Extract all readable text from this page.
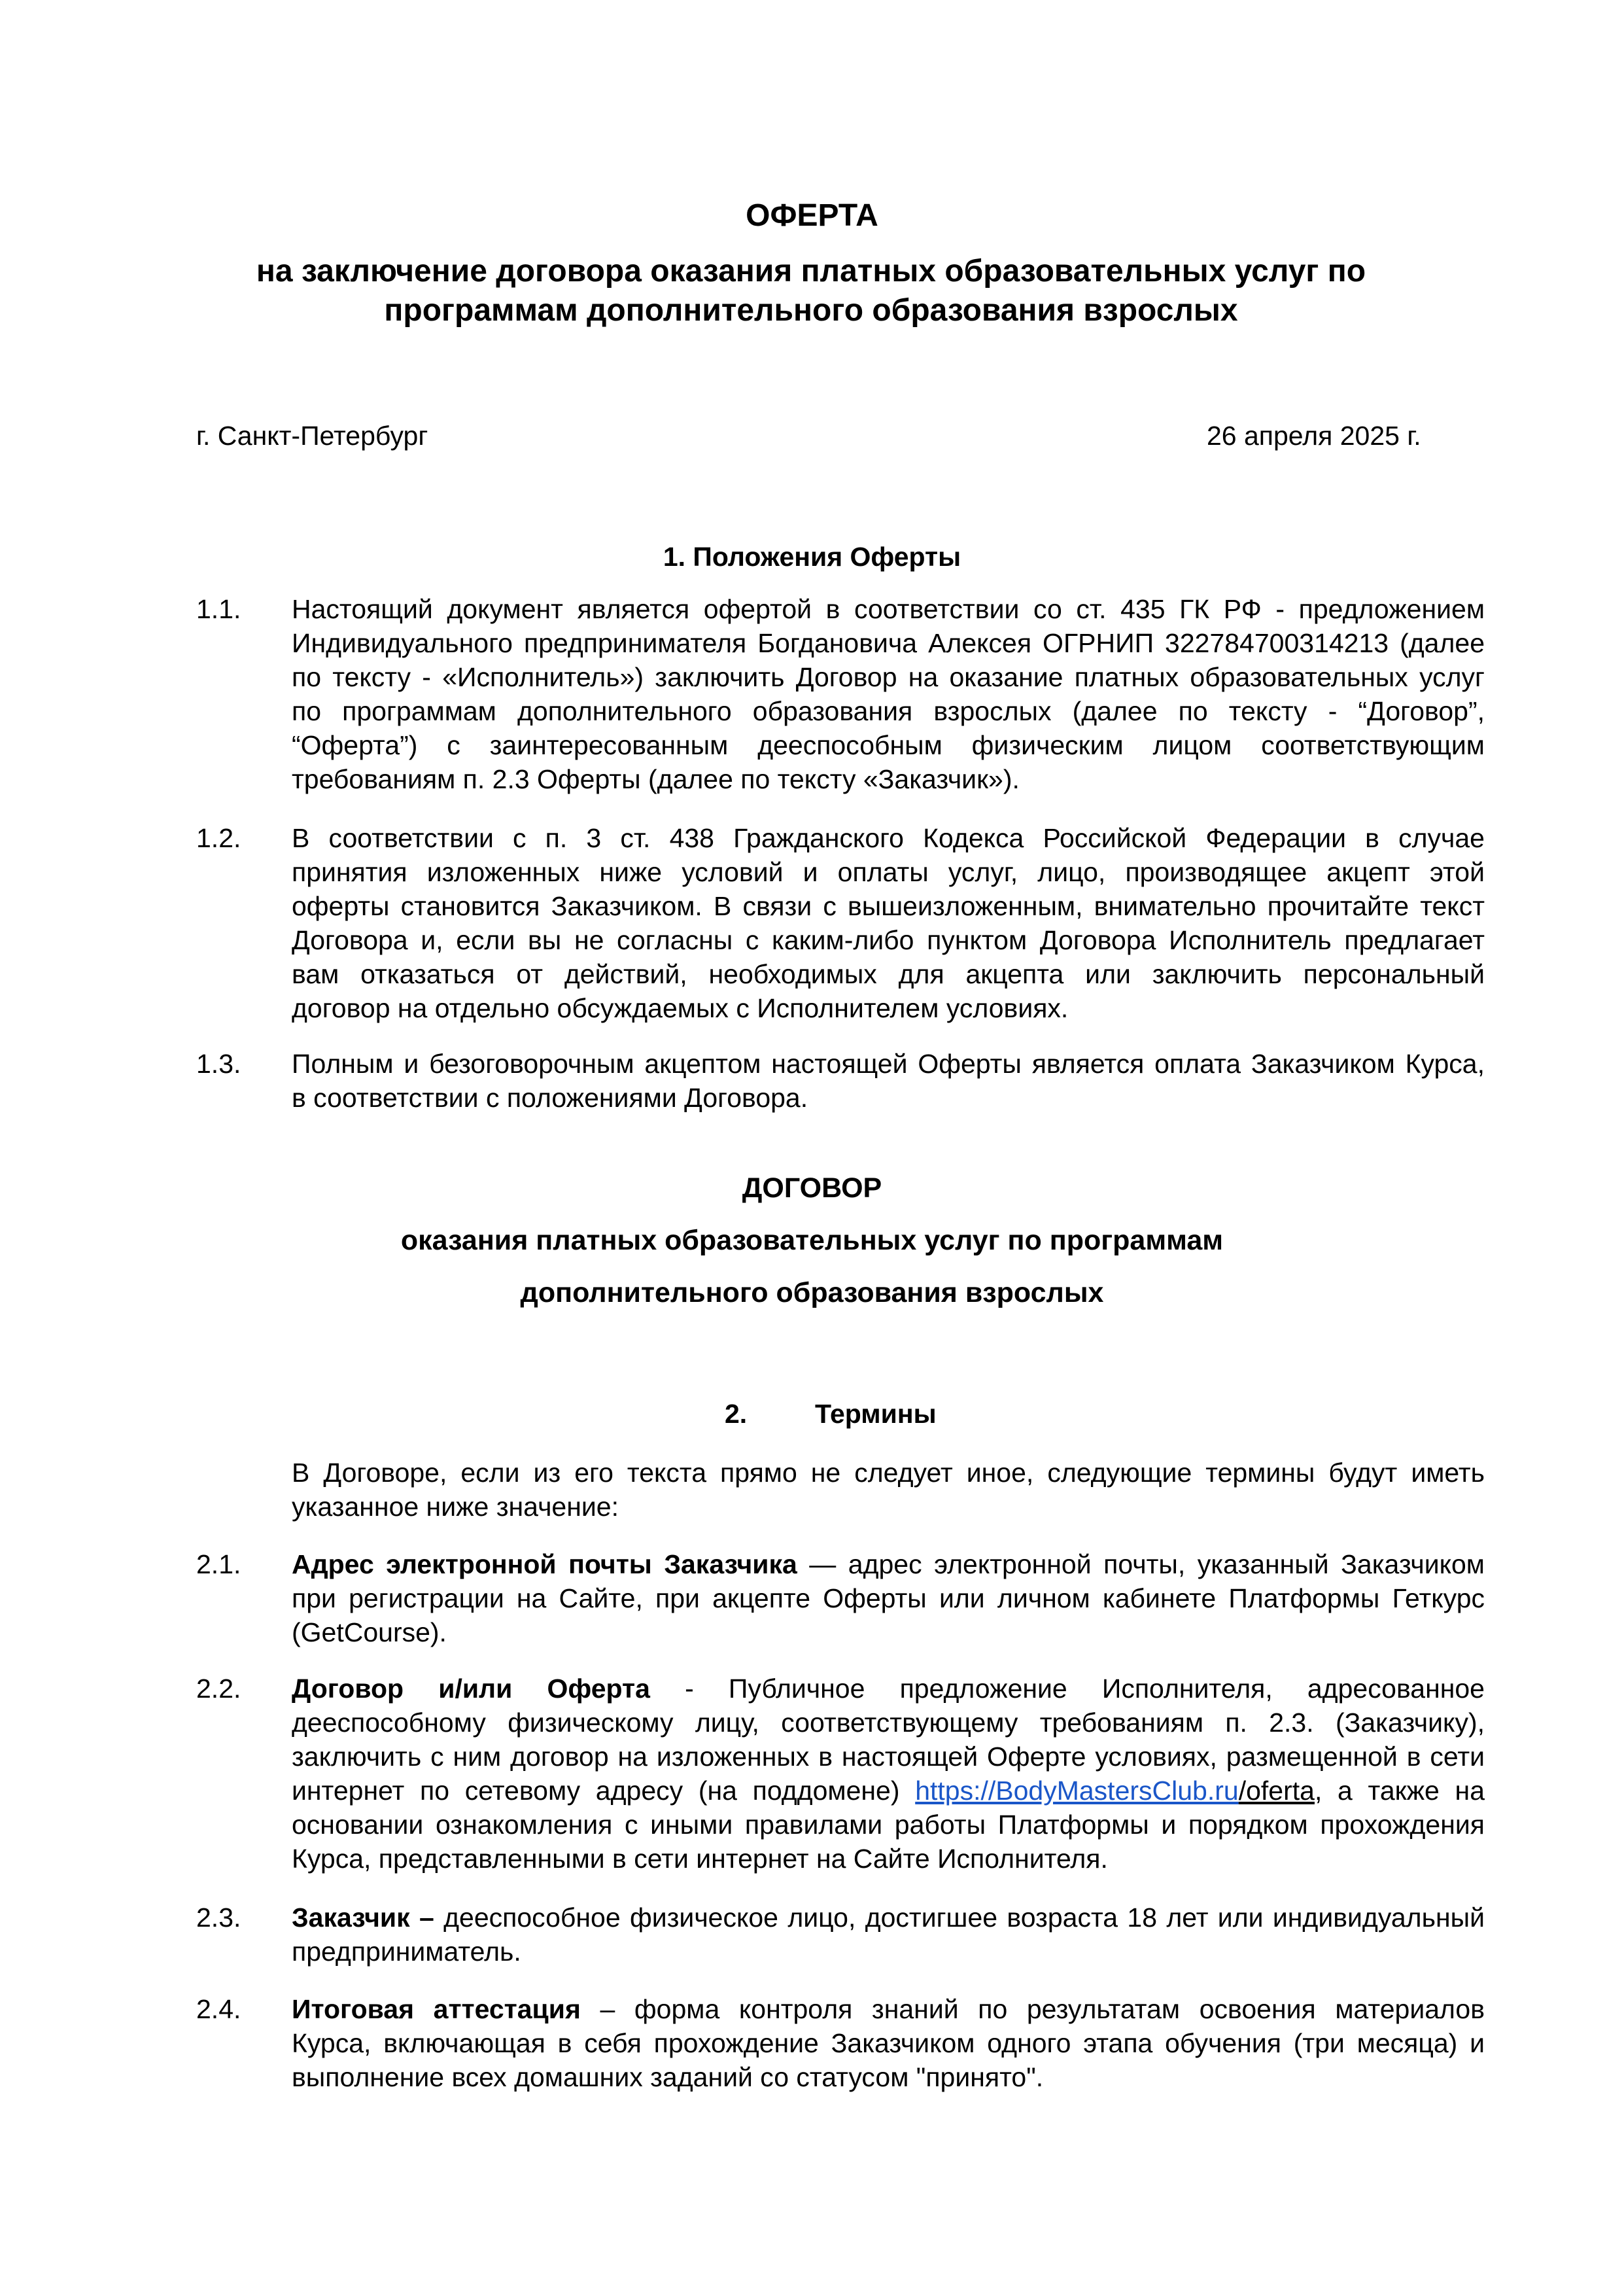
ОФЕРТА
на заключение договора оказания платных образовательных услуг по
программам дополнительного образования взрослых
г. Санкт-Петербург	26 апреля 2025 г.
1. Положения Оферты
1.1. Настоящий документ является офертой в соответствии со ст. 435 ГК РФ - предложением
Индивидуального предпринимателя Богдановича Алексея ОГРНИП 322784700314213 (далее
по тексту - «Исполнитель») заключить Договор на оказание платных образовательных услуг
по программам дополнительного образования взрослых (далее по тексту - “Договор”,
“Оферта”) с заинтересованным дееспособным физическим лицом соответствующим
требованиям п. 2.3 Оферты (далее по тексту «Заказчик»).
1.2. В соответствии с п. 3 ст. 438 Гражданского Кодекса Российской Федерации в случае
принятия изложенных ниже условий и оплаты услуг, лицо, производящее акцепт этой
оферты становится Заказчиком. В связи с вышеизложенным, внимательно прочитайте текст
Договора и, если вы не согласны с каким-либо пунктом Договора Исполнитель предлагает
вам отказаться от действий, необходимых для акцепта или заключить персональный
договор на отдельно обсуждаемых с Исполнителем условиях.
1.3. Полным и безоговорочным акцептом настоящей Оферты является оплата Заказчиком Курса,
в соответствии с положениями Договора.
ДОГОВОР
оказания платных образовательных услуг по программам
дополнительного образования взрослых
2.	Термины
В Договоре, если из его текста прямо не следует иное, следующие термины будут иметь
указанное ниже значение:
2.1. Адрес электронной почты Заказчика — адрес электронной почты, указанный Заказчиком
при регистрации на Сайте, при акцепте Оферты или личном кабинете Платформы Геткурс
(GetCourse).
2.2. Договор и/или Оферта - Публичное предложение Исполнителя, адресованное
дееспособному физическому лицу, соответствующему требованиям п. 2.3. (Заказчику),
заключить с ним договор на изложенных в настоящей Оферте условиях, размещенной в сети
интернет по сетевому адресу (на поддомене) https://BodyMastersClub.ru/oferta, а также на
основании ознакомления с иными правилами работы Платформы и порядком прохождения
Курса, представленными в сети интернет на Сайте Исполнителя.
2.3. Заказчик – дееспособное физическое лицо, достигшее возраста 18 лет или индивидуальный
предприниматель.
2.4. Итоговая аттестация – форма контроля знаний по результатам освоения материалов
Курса, включающая в себя прохождение Заказчиком одного этапа обучения (три месяца) и
выполнение всех домашних заданий со статусом "принято".
